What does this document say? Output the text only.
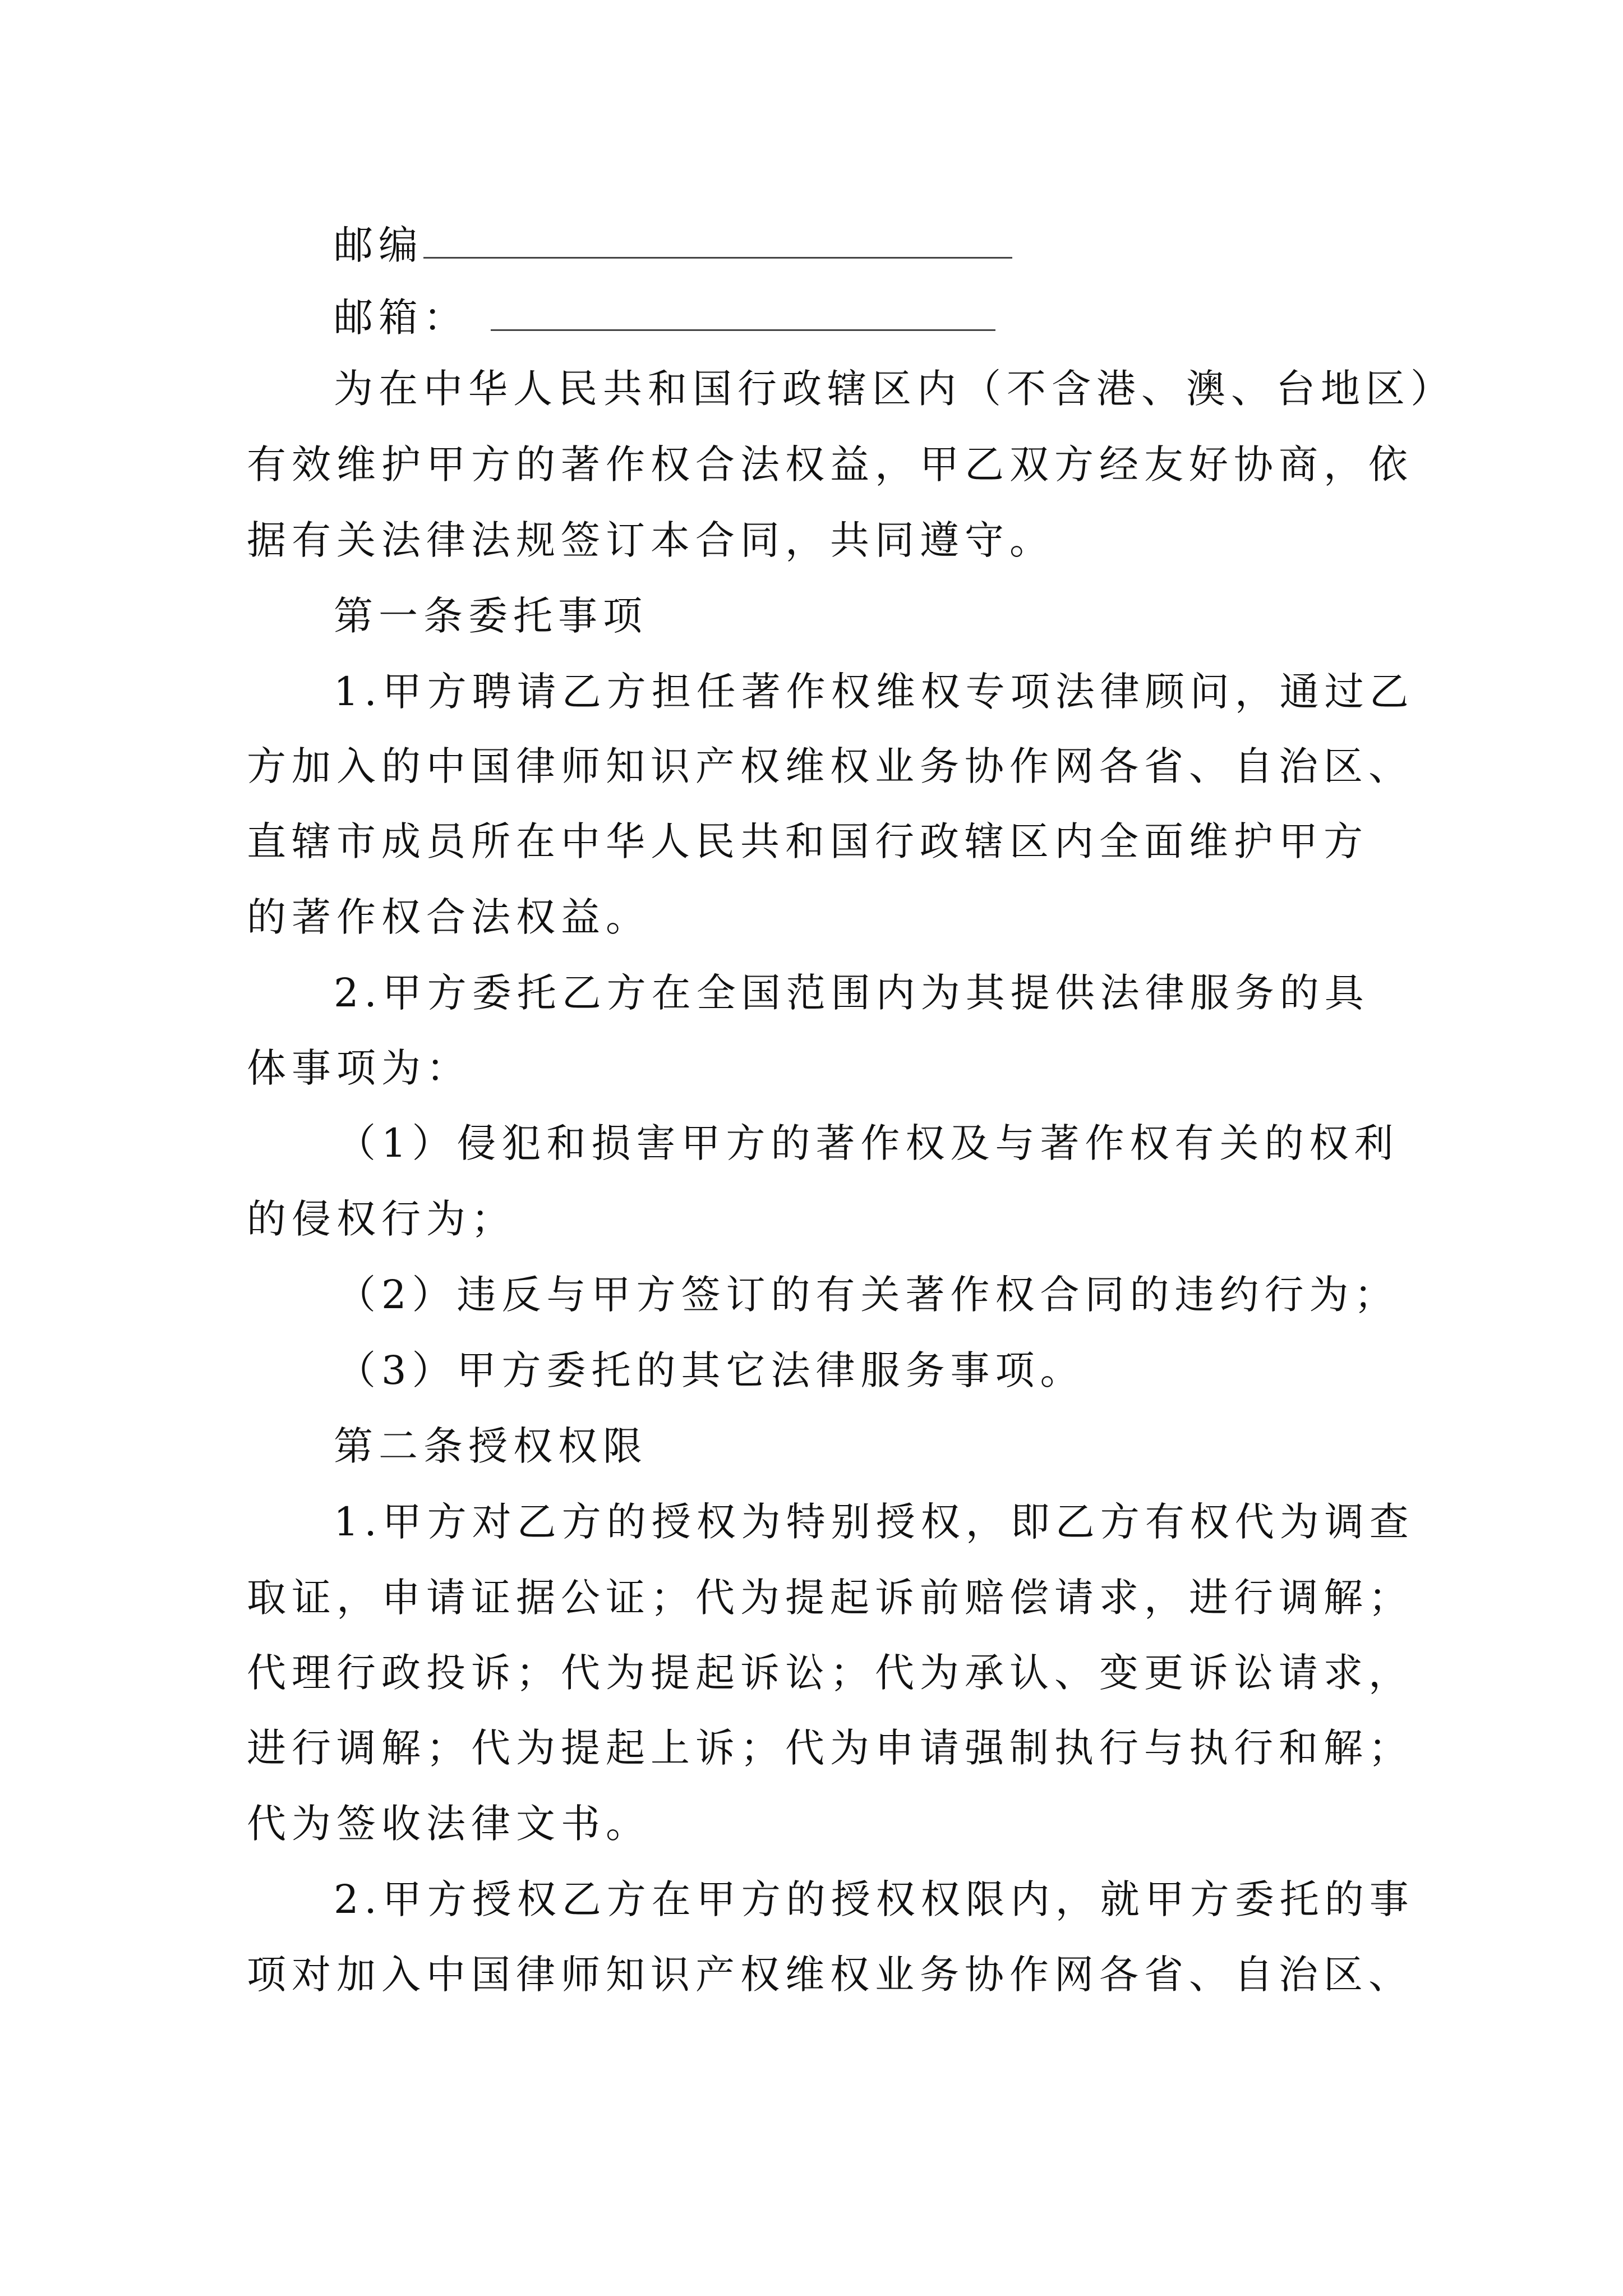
邮编
邮箱：
为在中华人民共和国行政辖区内（不含港、澳、台地区）
有效维护甲方的著作权合法权益，甲乙双方经友好协商，依
据有关法律法规签订本合同，共同遵守。
第一条委托事项
1.甲方聘请乙方担任著作权维权专项法律顾问，通过乙
方加入的中国律师知识产权维权业务协作网各省、自治区、
直辖市成员所在中华人民共和国行政辖区内全面维护甲方
的著作权合法权益。
2.甲方委托乙方在全国范围内为其提供法律服务的具
体事项为：
（1）侵犯和损害甲方的著作权及与著作权有关的权利
的侵权行为；
（2）违反与甲方签订的有关著作权合同的违约行为；
（3）甲方委托的其它法律服务事项。
第二条授权权限
1.甲方对乙方的授权为特别授权，即乙方有权代为调查
取证，申请证据公证；代为提起诉前赔偿请求，进行调解；
代理行政投诉；代为提起诉讼；代为承认、变更诉讼请求，
进行调解；代为提起上诉；代为申请强制执行与执行和解；
代为签收法律文书。
2.甲方授权乙方在甲方的授权权限内，就甲方委托的事
项对加入中国律师知识产权维权业务协作网各省、自治区、
